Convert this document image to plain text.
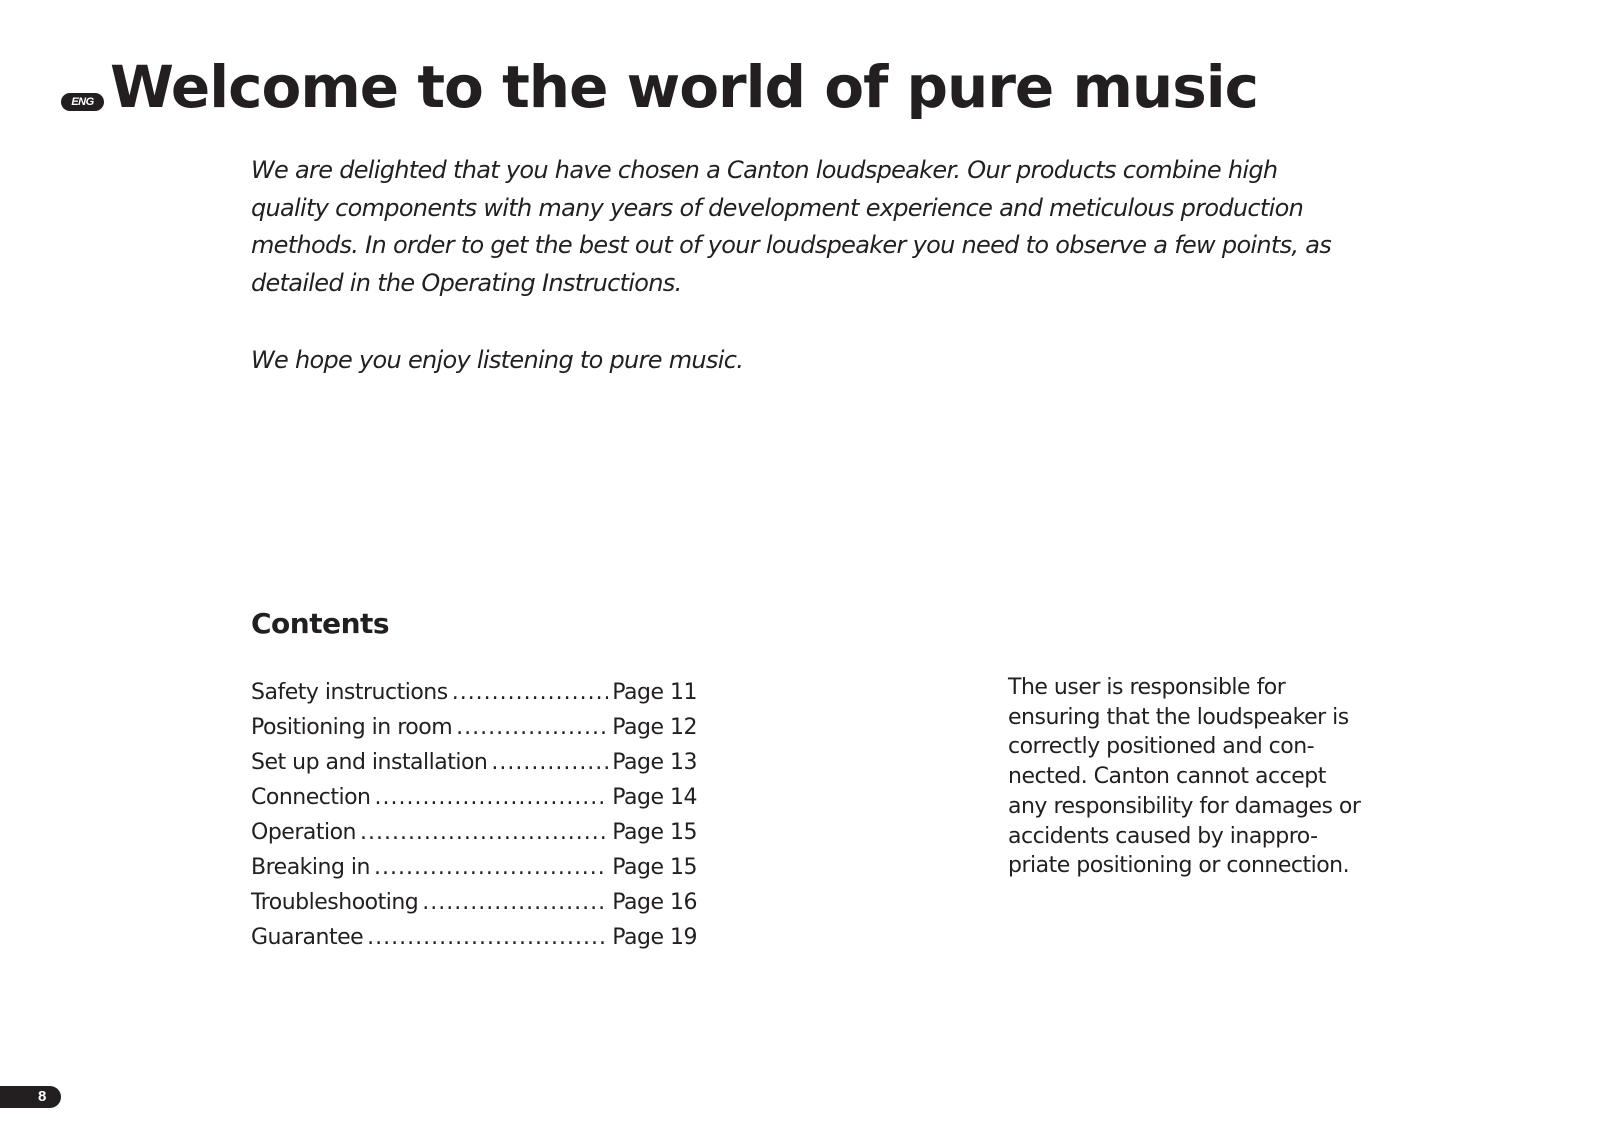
ENG Welcome to the world of pure music

We are delighted that you have chosen a Canton loudspeaker. Our products combine high quality components with many years of development experience and meticulous production methods. In order to get the best out of your loudspeaker you need to observe a few points, as detailed in the Operating Instructions.

We hope you enjoy listening to pure music.

Contents
Safety instructions .....	Page 11
Positioning in room .....	Page 12
Set up and installation .....	Page 13
Connection .....	Page 14
Operation .....	Page 15
Breaking in .....	Page 15
Troubleshooting .....	Page 16
Guarantee .....	Page 19

The user is responsible for ensuring that the loudspeaker is correctly positioned and con-nected. Canton cannot accept any responsibility for damages or accidents caused by inappro-priate positioning or connection.

8
